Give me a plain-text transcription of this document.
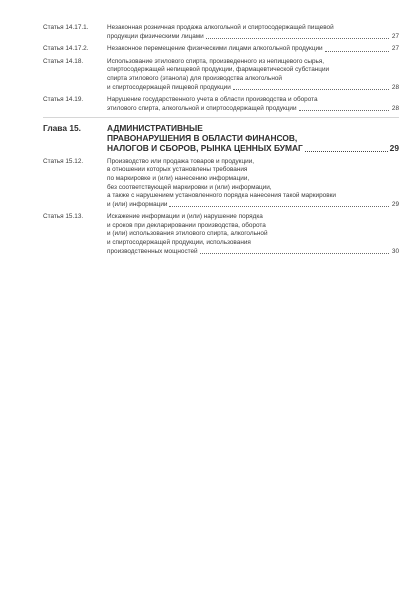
Статья 14.17.1.	Незаконная розничная продажа алкогольной и спиртосодержащей пищевой
продукции физическими лицами	27
Статья 14.17.2.	Незаконное перемещение физическими лицами алкогольной продукции	27
Статья 14.18.	Использование этилового спирта, произведенного из непищевого сырья,
спиртосодержащей непищевой продукции, фармацевтической субстанции
спирта этилового (этанола) для производства алкогольной
и спиртосодержащей пищевой продукции	28
Статья 14.19.	Нарушение государственного учета в области производства и оборота
этилового спирта, алкогольной и спиртосодержащей продукции	28
Глава 15.	АДМИНИСТРАТИВНЫЕ
ПРАВОНАРУШЕНИЯ В ОБЛАСТИ ФИНАНСОВ,
НАЛОГОВ И СБОРОВ, РЫНКА ЦЕННЫХ БУМАГ	29
Статья 15.12.	Производство или продажа товаров и продукции,
в отношении которых установлены требования
по маркировке и (или) нанесению информации,
без соответствующей маркировки и (или) информации,
а также с нарушением установленного порядка нанесения такой маркировки
и (или) информации	29
Статья 15.13.	Искажение информации и (или) нарушение порядка
и сроков при декларировании производства, оборота
и (или) использования этилового спирта, алкогольной
и спиртосодержащей продукции, использования
производственных мощностей	30
